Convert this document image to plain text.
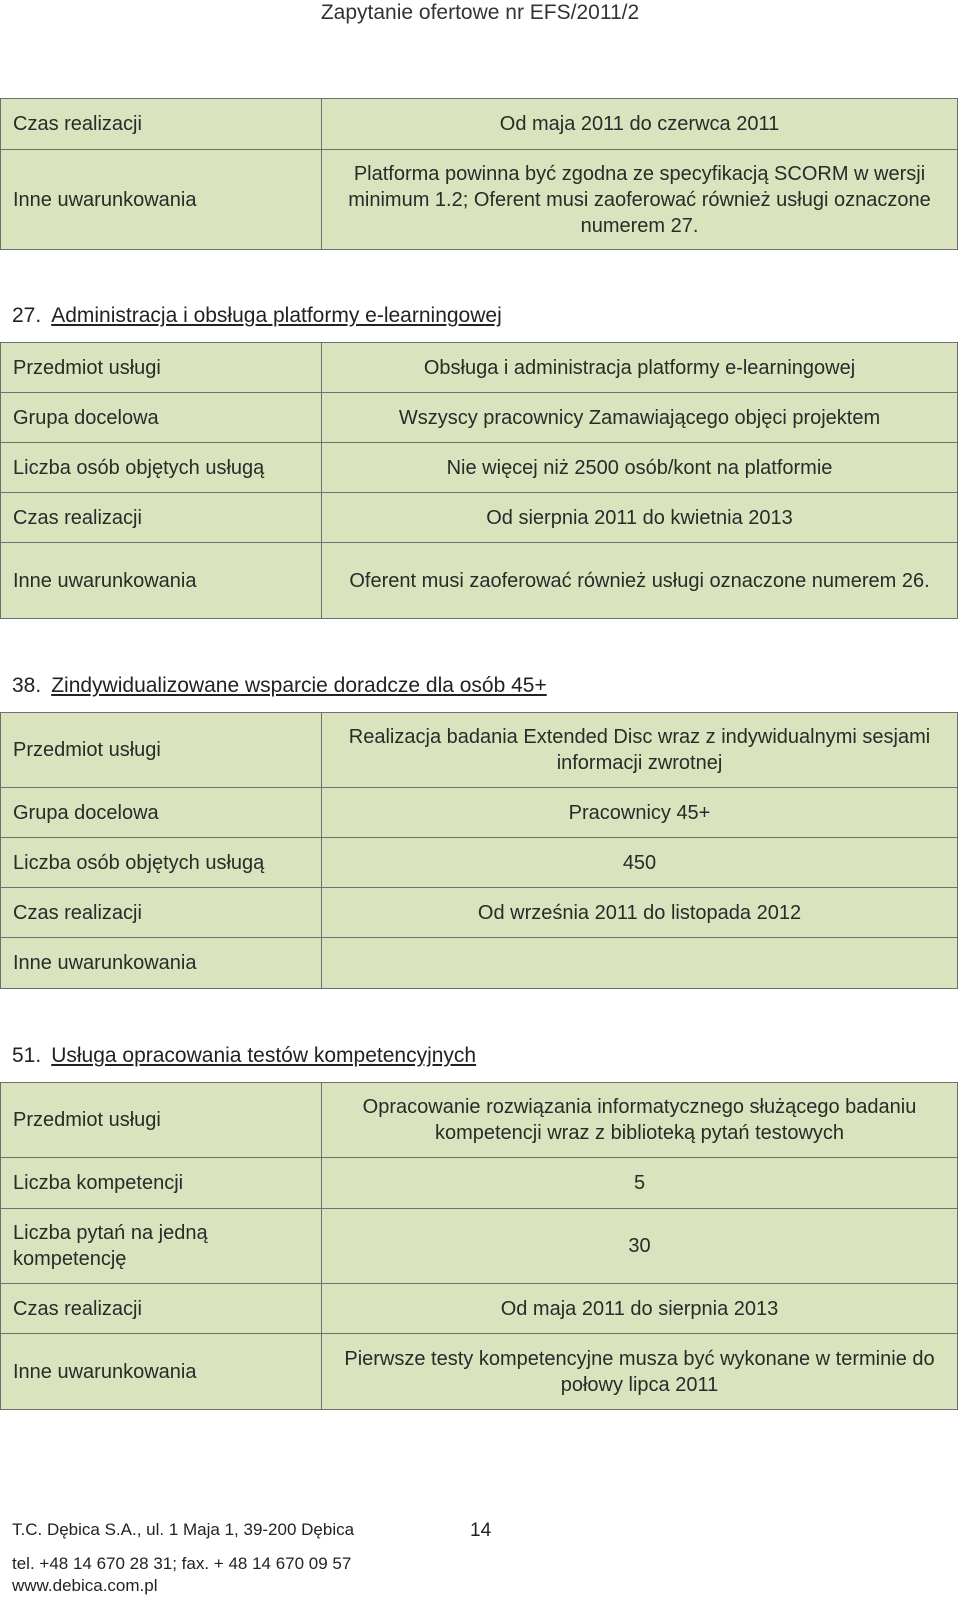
Zapytanie ofertowe nr EFS/2011/2
Czas realizacji	Od maja 2011 do czerwca 2011
Inne uwarunkowania	Platforma powinna być zgodna ze specyfikacją SCORM w wersji minimum 1.2; Oferent musi zaoferować również usługi oznaczone numerem 27.
27. Administracja i obsługa platformy e-learningowej
Przedmiot usługi	Obsługa i administracja platformy e-learningowej
Grupa docelowa	Wszyscy pracownicy Zamawiającego objęci projektem
Liczba osób objętych usługą	Nie więcej niż 2500 osób/kont na platformie
Czas realizacji	Od sierpnia 2011 do kwietnia 2013
Inne uwarunkowania	Oferent musi zaoferować również usługi oznaczone numerem 26.
38. Zindywidualizowane wsparcie doradcze dla osób 45+
Przedmiot usługi	Realizacja badania Extended Disc wraz z indywidualnymi sesjami informacji zwrotnej
Grupa docelowa	Pracownicy 45+
Liczba osób objętych usługą	450
Czas realizacji	Od września 2011 do listopada 2012
Inne uwarunkowania	
51. Usługa opracowania testów kompetencyjnych
Przedmiot usługi	Opracowanie rozwiązania informatycznego służącego badaniu kompetencji wraz z biblioteką pytań testowych
Liczba kompetencji	5
Liczba pytań na jedną kompetencję	30
Czas realizacji	Od maja 2011 do sierpnia 2013
Inne uwarunkowania	Pierwsze testy kompetencyjne musza być wykonane w terminie do połowy lipca 2011
T.C. Dębica S.A., ul. 1 Maja 1, 39-200 Dębica	14
tel. +48 14 670 28 31; fax. + 48 14 670 09 57
www.debica.com.pl
